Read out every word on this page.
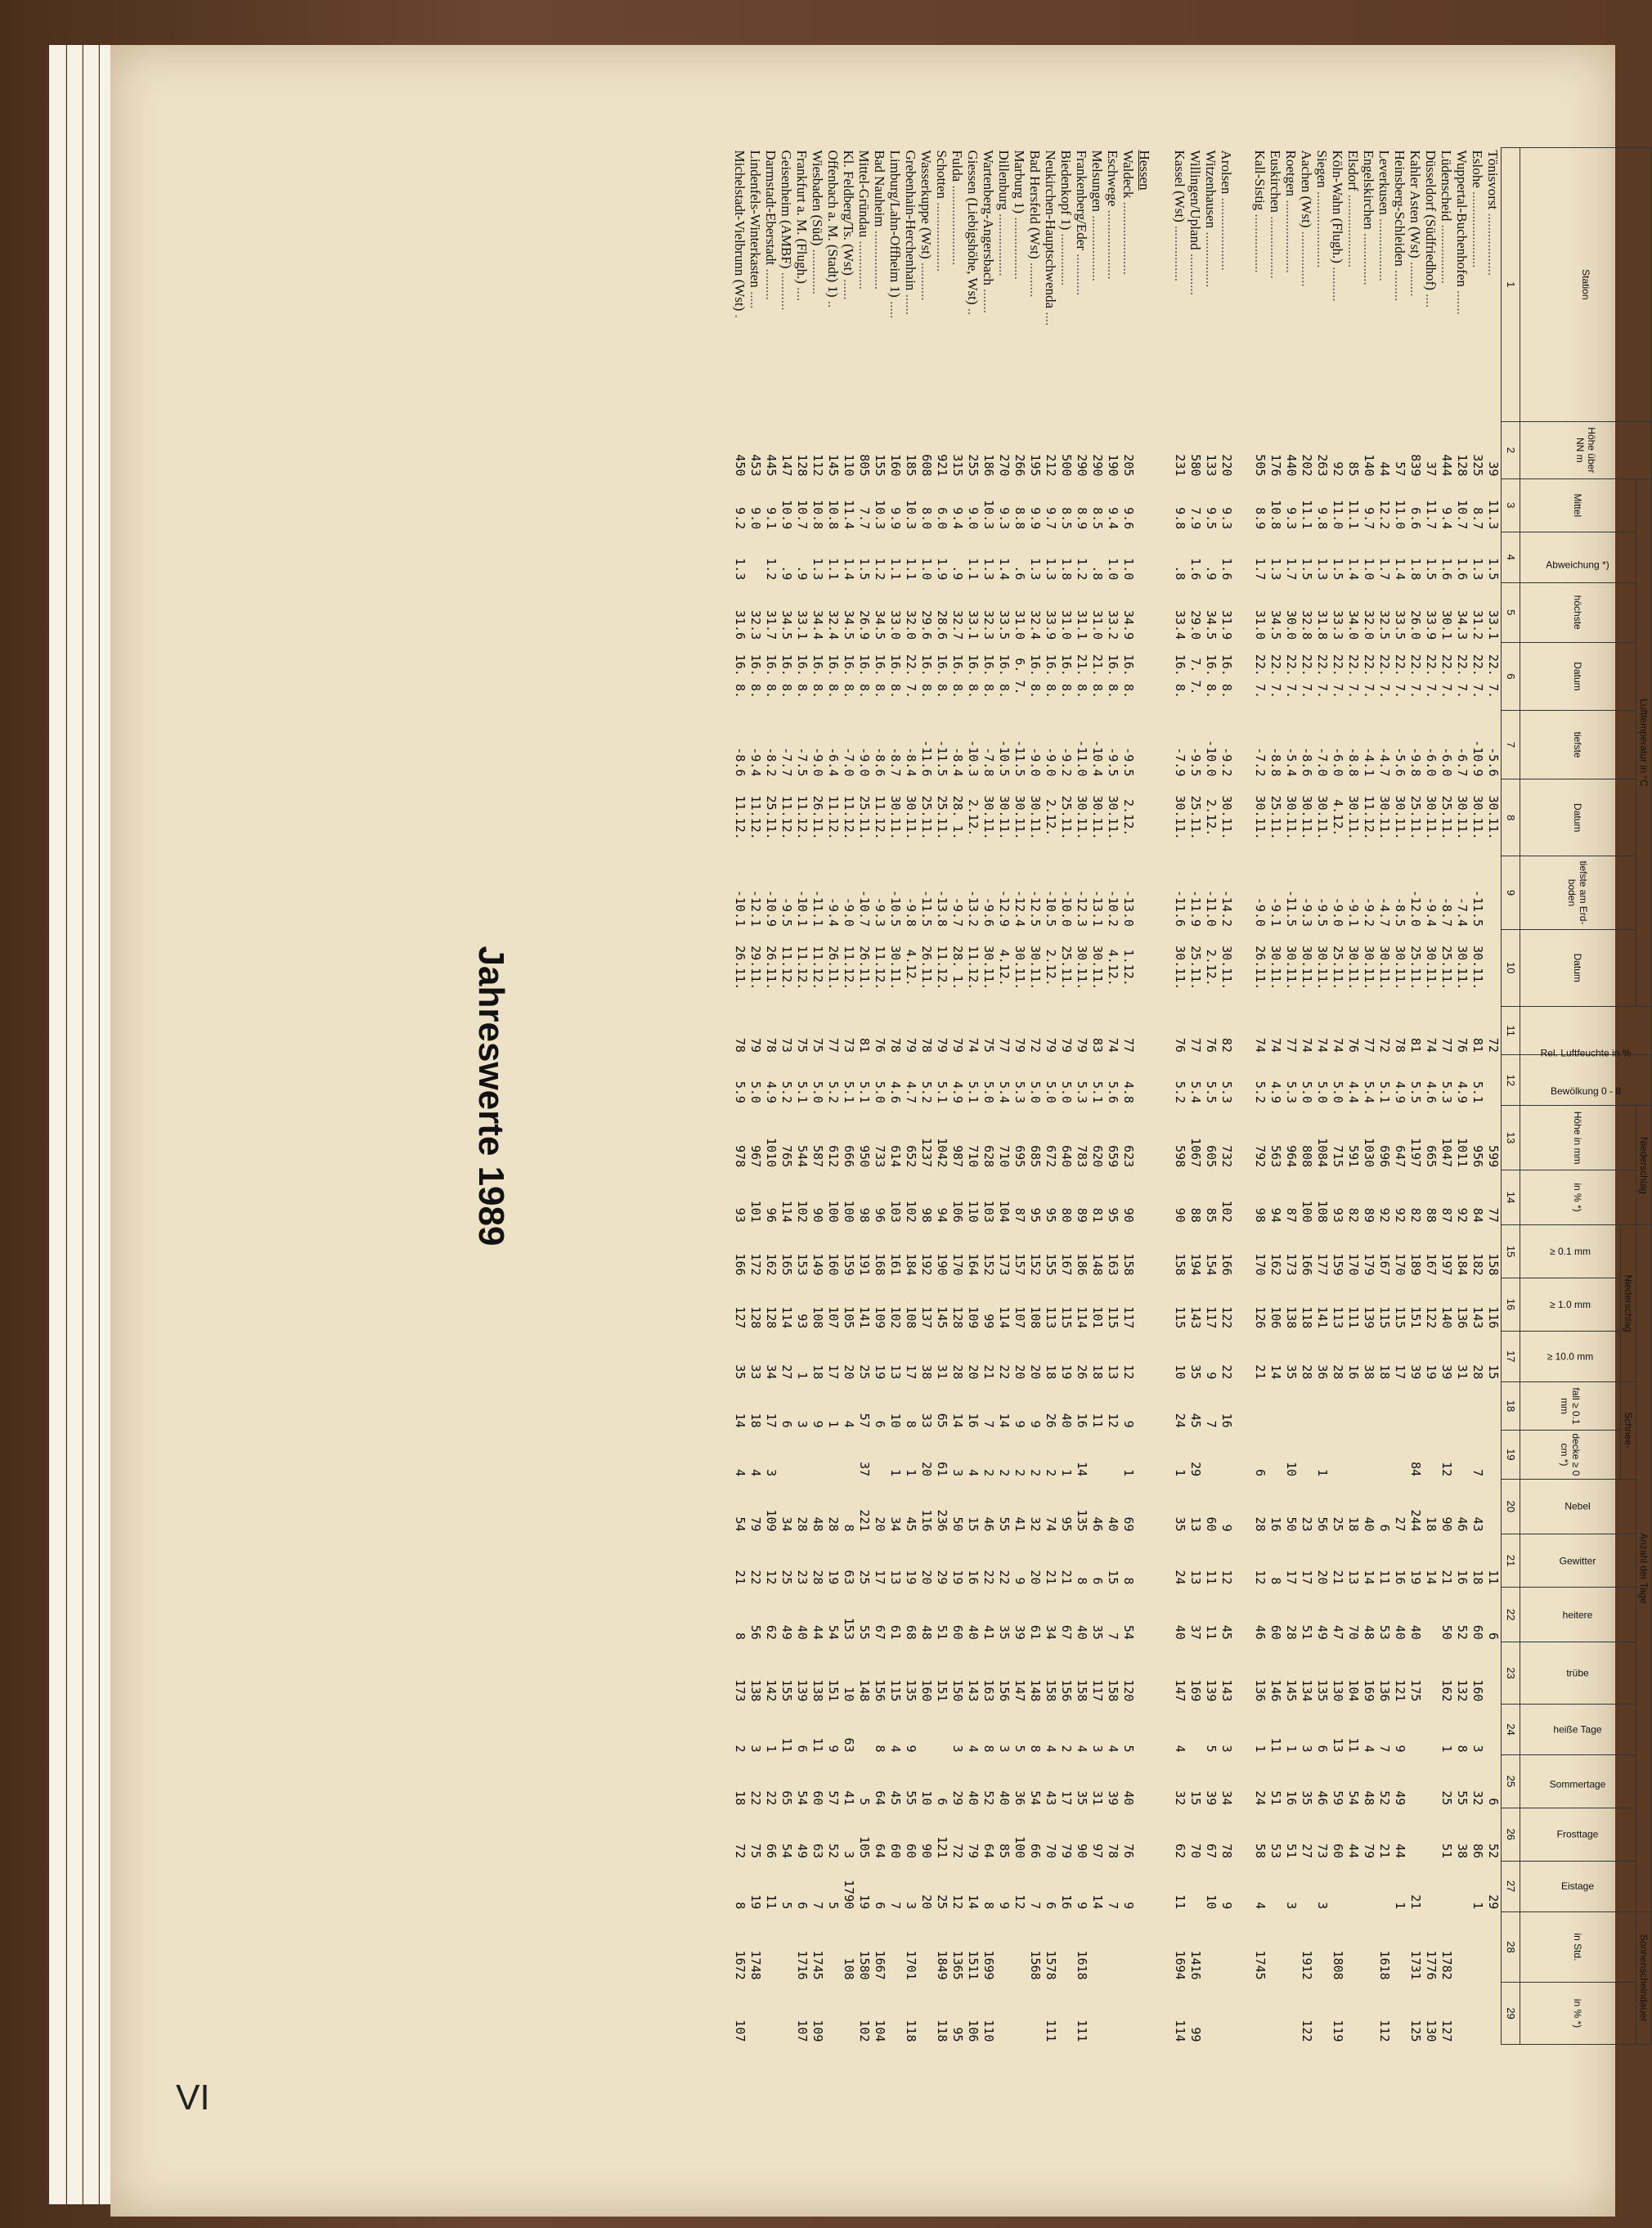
VI
Station	Höhe über NN m	Lufttemperatur in °C								Rel. Luftfeuchte in %	Bewölkung 0 - 8	Niederschlag		Anzahl der Tage													Sonnenscheindauer	
		Mittel	Abweichung *)	höchste	Datum	tiefste	Datum	tiefste am Erd-boden	Datum			Höhe in mm	in % *)	Niederschlag			Schnee-		Nebel	Gewitter	heitere	trübe	heiße Tage	Sommertage	Frosttage	Eistage	in Std.	in % *)
														≥ 0.1 mm	≥ 1.0 mm	≥ 10.0 mm	fall ≥ 0.1 mm	decke ≥ 0 cm *)										
1	2	3	4	5	6	7	8	9	10	11	12	13	14	15	16	17	18	19	20	21	22	23	24	25	26	27	28	29
Tönisvorst ..................	39	11.3	1.5	33.1	22. 7.	-5.6	30.11.			72		599	77	158	116	15				11	6			6	52	29		
Eslohe ......................	325	8.7	1.3	31.2	22. 7.	-10.9	30.11.	-11.5	30.11.	81	5.1	956	84	182	143	28		7	43	18	60	160	3	32	86	1		
Wuppertal-Buchenhofen .......	128	10.7	1.6	34.3	22. 7.	-6.7	30.11.	-7.4	30.11.	76	4.9	1011	92	184	136	31			46	16	52	132	8	55	38			
Lüdenscheid .................	444	9.4	1.6	30.1	22. 7.	-6.0	25.11.	-8.7	25.11.	77	5.3	1047	87	197	140	39		12	90	21	50	162	1	25	51		1782	127
Düsseldorf (Südfriedhof) ....	37	11.7	1.5	33.9	22. 7.	-6.0	30.11.	-9.4	30.11.	74	4.6	665	88	167	122	19			18	14							1776	130
Kahler Asten (Wst) ..........	839	6.6	1.8	26.0	22. 7.	-9.8	25.11.	-12.0	25.11.	81	5.5	1197	82	189	151	39		84	244	19	40	175				21	1731	125
Heinsberg-Schleiden .........	57	11.0	1.4	33.5	22. 7.	-5.6	30.11.	-8.5	30.11.	78	4.9	647	92	170	115	17			27	16	40	121	9	49	44	1		
Leverkusen ..................	44	12.2	1.7	32.5	22. 7.	-4.7	30.11.	-4.7	30.11.	72	5.1	696	92	167	115	18			6	11	53	136	7	52	21		1618	112
Engelskirchen ...............	140	9.7	1.0	32.0	22. 7.	-4.1	11.12.	-9.2	30.11.	77	5.4	1030	89	179	139	38			40	14	48	169	4	48	79			
Elsdorf .....................	85	11.1	1.4	34.0	22. 7.	-8.8	30.11.	-9.1	30.11.	76	4.4	591	82	170	111	16			18	13	70	104	11	54	44			
Köln-Wahn (Flugh.) ..........	92	11.0	1.5	33.3	22. 7.	-6.0	4.12.	-9.0	25.11.	74	5.0	715	93	159	113	28			25	21	47	130	13	59	60		1808	119
Siegen ......................	263	9.8	1.3	31.8	22. 7.	-7.0	30.11.	-9.5	30.11.	74	5.0	1084	108	177	141	36		1	56	20	49	135	6	46	73	3		
Aachen (Wst) ................	202	11.1	1.5	32.8	22. 7.	-8.6	30.11.	-9.3	30.11.	74	5.0	808	100	166	118	28			23	17	51	134	3	35	27		1912	122
Roetgen .....................	440	9.3	1.7	30.0	22. 7.	-5.4	30.11.	-11.5	30.11.	77	5.3	964	87	173	138	35		10	50	17	28	145	1	16	51	3		
Euskirchen ..................	176	10.8	1.3	34.5	22. 7.	-8.8	25.11.	-9.1	30.11.	74	4.9	563	94	162	106	14			16	8	60	146	11	51	53			
Kall-Sistig .................	505	8.9	1.7	31.0	22. 7.	-7.2	30.11.	-9.0	26.11.	74	5.2	792	98	170	126	21		6	28	12	46	136	1	24	58	4	1745	

Arolsen .....................	220	9.3	1.6	31.9	16. 8.	-9.2	30.11.	-14.2	30.11.	82	5.3	732	102	166	122	22	16		9	12	45	143	3	34	78	9		
Witzenhausen ................	133	9.5	.9	34.5	16. 8.	-10.0	2.12.	-11.0	2.12.	76	5.5	605	85	154	117	9	7		60	11	11	139	5	39	67	10		
Willingen/Upland ............	580	7.9	1.6	29.0	7. 7.	-9.5	25.11.	-11.9	25.11.	77	5.4	1067	88	194	143	35	45	29	13	13	37	169		15	70		1416	99
Kassel (Wst) ................	231	9.8	.8	33.4	16. 8.	-7.9	30.11.	-11.6	30.11.	76	5.2	598	90	158	115	10	24	1	35	24	40	147	4	32	62	11	1694	114

Hessen																												
Waldeck .....................	205	9.6	1.0	34.9	16. 8.	-9.5	2.12.	-13.0	1.12.	77	4.8	623	90	158	117	12	9	1	69	8	54	120	5	40	76	9		
Eschwege ....................	190	9.4	1.0	33.2	16. 8.	-9.5	30.11.	-10.2	4.12.	74	5.6	659	95	163	115	13	12		40	15	7	158	4	39	78	7		
Melsungen ...................	290	8.5	.8	31.0	21. 8.	-10.4	30.11.	-13.1	30.11.	83	5.1	620	81	148	101	18	11		46	6	35	117	3	31	97	14		
Frankenberg/Eder ............	290	8.9	1.2	31.1	21. 8.	-11.0	30.11.	-12.3	30.11.	79	5.3	783	89	186	114	26	16	14	135	8	40	158	4	35	90	9	1618	111
Biedenkopf 1) ...............	500	8.5	1.8	31.0	16. 8.	-9.2	25.11.	-10.0	25.11.	79	5.0	640	80	167	115	19	40	1	95	21	67	156	2	17	79	16		
Neukirchen-Hauptschwenda ....	212	9.7	1.3	33.9	16. 8.	-9.0	2.12.	-10.5	2.12.	79	5.0	672	95	155	113	18	26	2	74	21	34	158	4	43	70	6	1578	111
Bad Hersfeld (Wst) ..........	195	9.9	1.3	32.4	16. 8.	-9.0	30.11.	-12.5	30.11.	72	5.0	685	95	152	108	20	9	2	32	20	61	148	8	54	66	7	1568	
Marburg 1) ..................	266	8.8	.6	31.0	6. 7.	-11.5	30.11.	-12.4	30.11.	79	5.3	695	87	157	107	20	9	2	41	9	39	147	5	36	100	12		
Dillenburg ..................	270	9.3	1.4	33.5	16. 8.	-10.5	30.11.	-12.9	4.12.	77	5.4	710	104	173	114	22	14	2	55	22	35	156	3	40	85	9		
Wartenberg-Angersbach .......	186	10.3	1.3	32.3	16. 8.	-7.8	30.11.	-9.6	30.11.	75	5.0	628	103	152	99	21	7	2	46	22	41	163	8	52	64	8	1699	110
Giessen (Liebigshöhe, Wst) ..	255	9.0	1.1	33.1	16. 8.	-10.3	2.12.	-13.2	11.12.	74	5.1	710	110	164	109	20	16	4	15	16	40	143	4	40	79	14	1511	106
Fulda .......................	315	9.4	.9	32.7	16. 8.	-8.4	28. 1.	-9.7	28. 1.	79	4.9	987	106	170	128	28	14	3	50	19	60	150	3	29	72	12	1365	95
Schotten ....................	921	6.0	1.9	28.6	16. 8.	-11.5	25.11.	-13.8	11.12.	79	5.1	1042	94	190	145	31	65	61	236	29	51	151		6	121	25	1849	118
Wasserkuppe (Wst) ...........	608	8.0	1.0	29.6	16. 8.	-11.6	25.11.	-11.5	26.11.	78	5.2	1237	98	192	137	38	33	20	116	20	48	160		10	90	20		
Grebenhain-Herchenhain ......	185	10.3	1.1	32.0	22. 7.	-8.4	30.11.	-9.8	4.12.	79	4.7	652	102	184	108	17	8	1	45	19	68	135	9	55	60	3	1701	118
Limburg/Lahn-Offheim 1) .....	160	9.9	1.1	33.0	16. 8.	-8.7	30.11.	-10.5	30.11.	78	4.6	614	103	161	102	13	10	1	34	13	61	115	4	45	60	7		
Bad Nauheim .................	155	10.3	1.2	34.5	16. 8.	-8.6	11.12.	-9.3	11.12.	76	5.0	733	96	168	109	19	6		20	17	67	156	8	64	64	6	1667	104
Mittel-Gründau ..............	805	7.7	1.5	26.9	16. 8.	-9.0	25.11.	-10.7	26.11.	81	5.1	950	98	191	141	25	57	37	221	25	55	148		5	105	19	1580	102
Kl. Feldberg/Ts. (Wst) ......	110	11.4	1.4	34.5	16. 8.	-7.0	11.12.	-9.0	11.12.	73	5.1	666	100	159	105	20	4		8	63	153	10	63	41	3	1790	108	
Offenbach a. M. (Stadt) 1) ..	145	10.8	1.1	32.4	16. 8.	-6.4	11.12.	-9.4	26.11.	77	5.2	612	100	160	107	17	1		28	19	54	151	9	57	52	5		
Wiesbaden (Süd) .............	112	10.8	1.3	34.4	16. 8.	-9.0	26.11.	-11.1	11.12.	75	5.0	587	90	149	108	18	9		48	28	44	138	11	60	63	7	1745	109
Frankfurt a. M. (Flugh.) ....	128	10.7	.9	33.1	16. 8.	-7.5	11.12.	-10.1	11.12.	75	5.1	544	102	153	93	1	3		28	23	40	139	6	54	49	6	1716	107
Geisenheim (AMBF) ...........	147	10.9	.9	34.5	16. 8.	-7.7	11.12.	-9.5	11.12.	73	5.2	765	114	165	114	27	6		34	25	49	155	11	65	54	5		
Darmstadt-Eberstadt .........	445	9.1	1.2	31.7	16. 8.	-8.2	25.11.	-10.9	26.11.	78	4.9	1010	96	162	128	34	17	3	109	12	62	142	1	22	66	11		
Lindenfels-Winterkasten .....	453	9.0		32.3	16. 8.	-9.4	11.12.	-12.1	29.11.	79	5.0	967	101	172	128	33	18	4	79	22	56	138	3	22	75	19	1748	
Michelstadt-Vielbrunn (Wst) .	450	9.2	1.3	31.6	16. 8.	-8.6	11.12.	-10.1	26.11.	78	5.9	978	93	166	127	35	14	4	54	21	8	173	2	18	72	8	1672	107
Jahreswerte 1989
